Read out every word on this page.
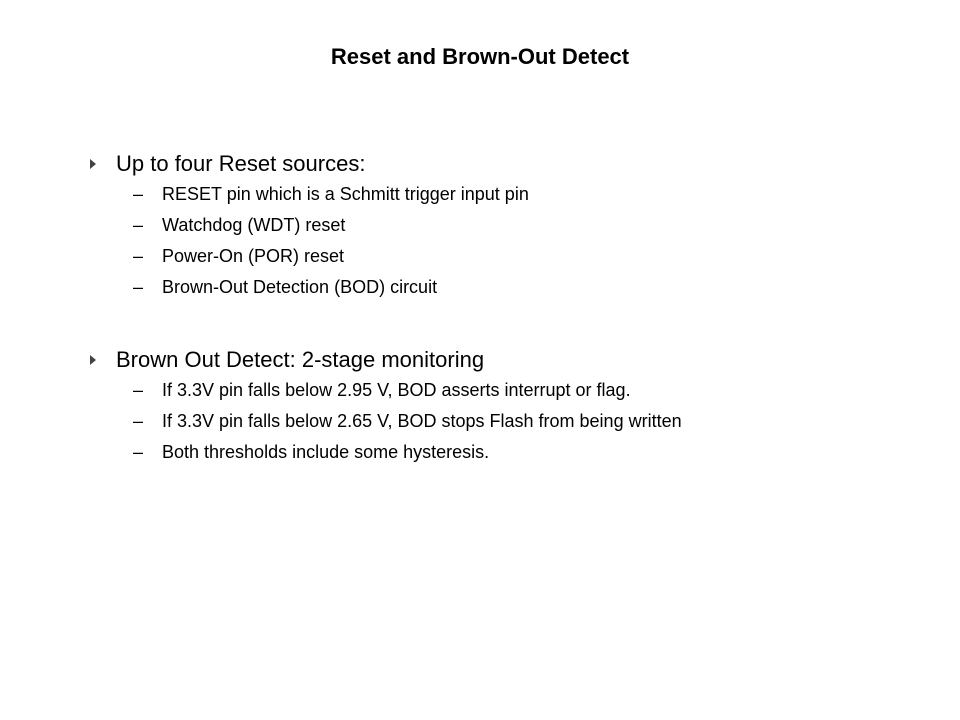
Reset and Brown-Out Detect
Up to four Reset sources:
– RESET pin which is a Schmitt trigger input pin
– Watchdog (WDT) reset
– Power-On (POR) reset
– Brown-Out Detection (BOD) circuit
Brown Out Detect: 2-stage monitoring
– If 3.3V pin falls below 2.95 V, BOD asserts interrupt or flag.
– If 3.3V pin falls below 2.65 V, BOD stops Flash from being written
– Both thresholds include some hysteresis.
